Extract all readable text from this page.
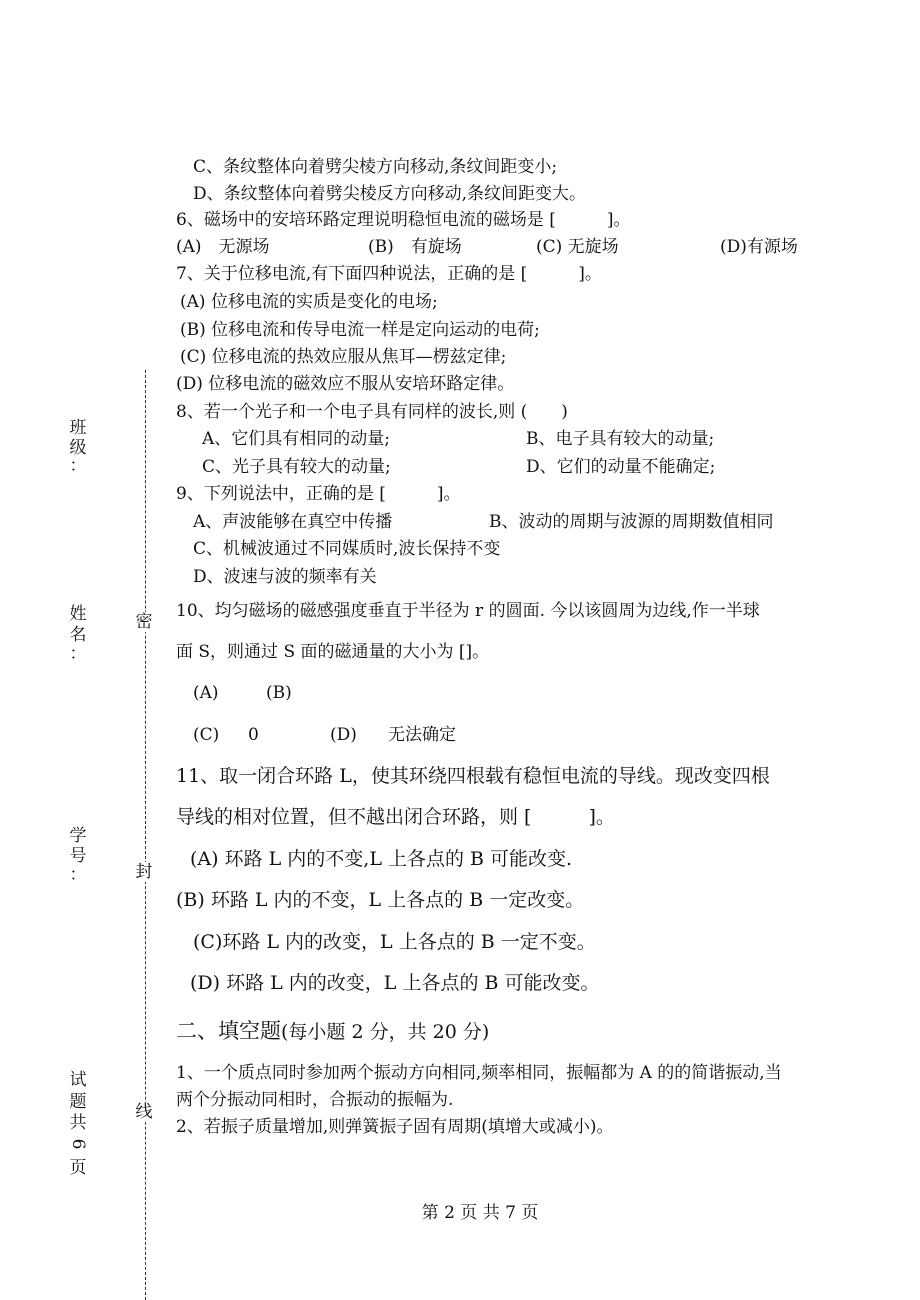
班
级
：
姓
名
：
学
号
：
试
题
共
6
页
密
封
线
C、条纹整体向着劈尖棱方向移动,条纹间距变小;
D、条纹整体向着劈尖棱反方向移动,条纹间距变大。
6、磁场中的安培环路定理说明稳恒电流的磁场是 [　　　]。
(A)　无源场	(B)　有旋场	(C) 无旋场	(D)有源场
7、关于位移电流,有下面四种说法，正确的是 [　　　]。
(A) 位移电流的实质是变化的电场;
(B) 位移电流和传导电流一样是定向运动的电荷;
(C) 位移电流的热效应服从焦耳—楞兹定律;
(D) 位移电流的磁效应不服从安培环路定律。
8、若一个光子和一个电子具有同样的波长,则 (　　)
A、它们具有相同的动量;	B、电子具有较大的动量;
C、光子具有较大的动量;	D、它们的动量不能确定;
9、下列说法中，正确的是 [　　　]。
A、声波能够在真空中传播	B、波动的周期与波源的周期数值相同
C、机械波通过不同媒质时,波长保持不变
D、波速与波的频率有关
10、均匀磁场的磁感强度垂直于半径为 r 的圆面. 今以该圆周为边线,作一半球
面 S，则通过 S 面的磁通量的大小为 []。
(A)	(B)
(C) 0	(D) 无法确定
11、取一闭合环路 L，使其环绕四根载有稳恒电流的导线。现改变四根
导线的相对位置，但不越出闭合环路，则 [　　　]。
(A) 环路 L 内的不变,L 上各点的 B 可能改变.
(B) 环路 L 内的不变，L 上各点的 B 一定改变。
(C)环路 L 内的改变，L 上各点的 B 一定不变。
(D) 环路 L 内的改变，L 上各点的 B 可能改变。
二、填空题(每小题 2 分，共 20 分)
1、一个质点同时参加两个振动方向相同,频率相同，振幅都为 A 的的简谐振动,当
两个分振动同相时，合振动的振幅为.
2、若振子质量增加,则弹簧振子固有周期(填增大或减小)。
第 2 页 共 7 页
